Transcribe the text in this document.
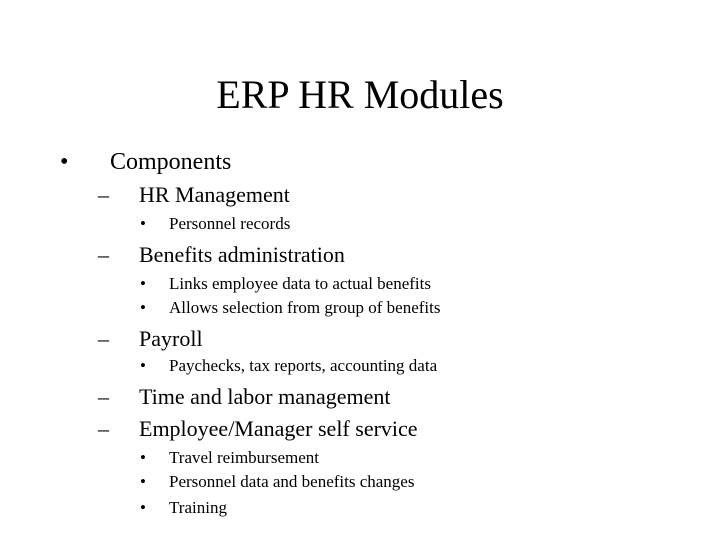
ERP HR Modules
• Components
– HR Management
• Personnel records
– Benefits administration
• Links employee data to actual benefits
• Allows selection from group of benefits
– Payroll
• Paychecks, tax reports, accounting data
– Time and labor management
– Employee/Manager self service
• Travel reimbursement
• Personnel data and benefits changes
• Training
